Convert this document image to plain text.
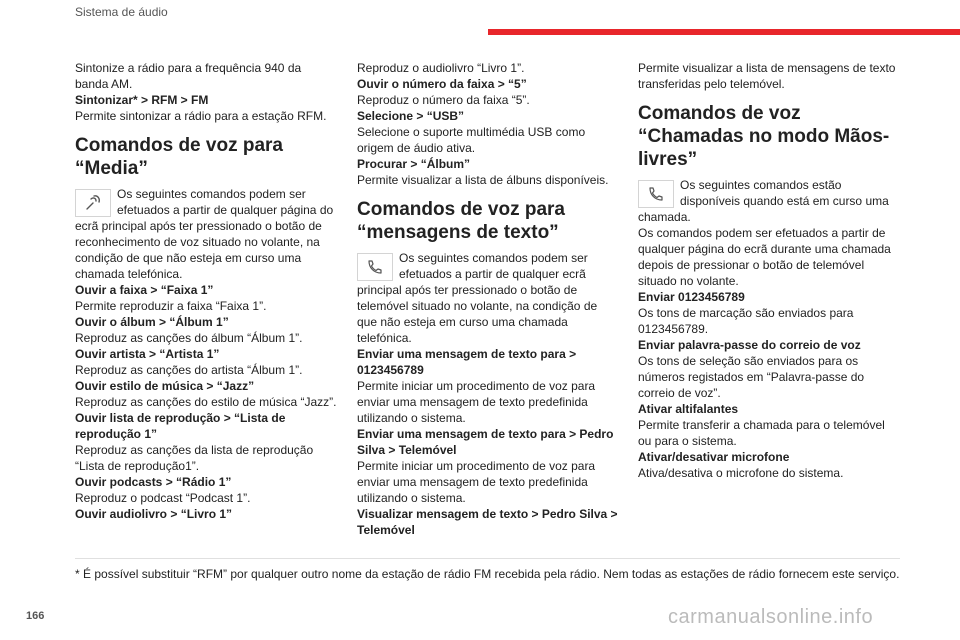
Sistema de áudio

Sintonize a rádio para a frequência 940 da banda AM.

Sintonizar* > RFM > FM

Permite sintonizar a rádio para a estação RFM.

Comandos de voz para “Media”

Os seguintes comandos podem ser efetuados a partir de qualquer página do ecrã principal após ter pressionado o botão de reconhecimento de voz situado no volante, na condição de que não esteja em curso uma chamada telefónica.

Ouvir a faixa > “Faixa 1”

Permite reproduzir a faixa “Faixa 1”.

Ouvir o álbum > “Álbum 1”

Reproduz as canções do álbum “Álbum 1”.

Ouvir artista > “Artista 1”

Reproduz as canções do artista “Álbum 1”.

Ouvir estilo de música > “Jazz”

Reproduz as canções do estilo de música “Jazz”.

Ouvir lista de reprodução > “Lista de reprodução 1”

Reproduz as canções da lista de reprodução “Lista de reprodução1”.

Ouvir podcasts > “Rádio 1”

Reproduz o podcast “Podcast 1”.

Ouvir audiolivro > “Livro 1”

Reproduz o audiolivro “Livro 1”.

Ouvir o número da faixa > “5”

Reproduz o número da faixa “5”.

Selecione > “USB”

Selecione o suporte multimédia USB como origem de áudio ativa.

Procurar > “Álbum”

Permite visualizar a lista de álbuns disponíveis.

Comandos de voz para “mensagens de texto”

Os seguintes comandos podem ser efetuados a partir de qualquer ecrã principal após ter pressionado o botão de telemóvel situado no volante, na condição de que não esteja em curso uma chamada telefónica.

Enviar uma mensagem de texto para > 0123456789

Permite iniciar um procedimento de voz para enviar uma mensagem de texto predefinida utilizando o sistema.

Enviar uma mensagem de texto para > Pedro Silva > Telemóvel

Permite iniciar um procedimento de voz para enviar uma mensagem de texto predefinida utilizando o sistema.

Visualizar mensagem de texto > Pedro Silva > Telemóvel

Permite visualizar a lista de mensagens de texto transferidas pelo telemóvel.

Comandos de voz “Chamadas no modo Mãos-livres”

Os seguintes comandos estão disponíveis quando está em curso uma chamada.

Os comandos podem ser efetuados a partir de qualquer página do ecrã durante uma chamada depois de pressionar o botão de telemóvel situado no volante.

Enviar 0123456789

Os tons de marcação são enviados para 0123456789.

Enviar palavra-passe do correio de voz

Os tons de seleção são enviados para os números registados em “Palavra-passe do correio de voz”.

Ativar altifalantes

Permite transferir a chamada para o telemóvel ou para o sistema.

Ativar/desativar microfone

Ativa/desativa o microfone do sistema.

* É possível substituir “RFM” por qualquer outro nome da estação de rádio FM recebida pela rádio. Nem todas as estações de rádio fornecem este serviço.
166	carmanualsonline.info
